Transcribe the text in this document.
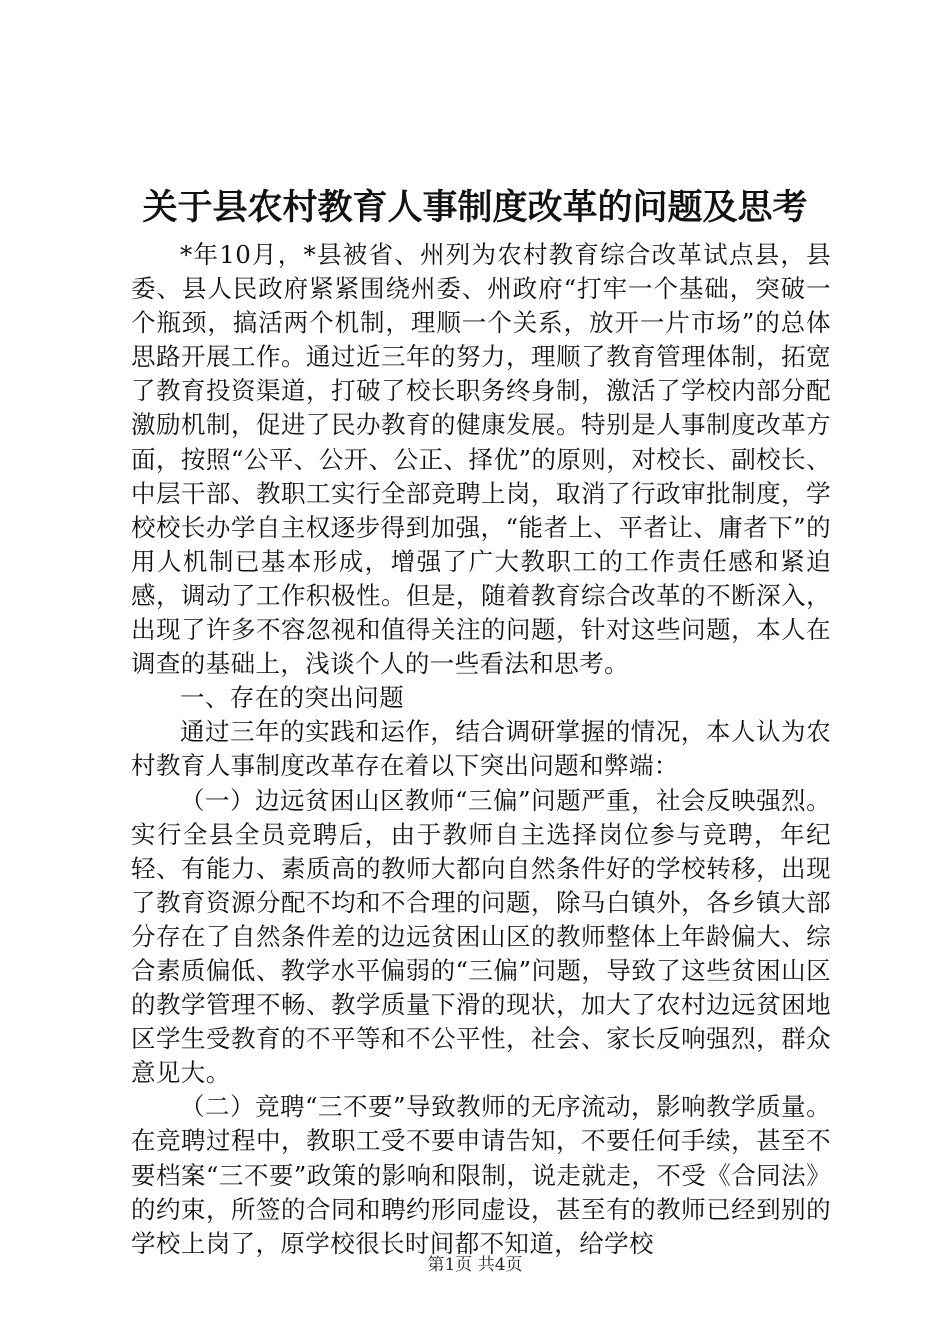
关于县农村教育人事制度改革的问题及思考

*年10月，*县被省、州列为农村教育综合改革试点县，县委、县人民政府紧紧围绕州委、州政府“打牢一个基础，突破一个瓶颈，搞活两个机制，理顺一个关系，放开一片市场”的总体思路开展工作。通过近三年的努力，理顺了教育管理体制，拓宽了教育投资渠道，打破了校长职务终身制，激活了学校内部分配激励机制，促进了民办教育的健康发展。特别是人事制度改革方面，按照“公平、公开、公正、择优”的原则，对校长、副校长、中层干部、教职工实行全部竞聘上岗，取消了行政审批制度，学校校长办学自主权逐步得到加强，“能者上、平者让、庸者下”的用人机制已基本形成，增强了广大教职工的工作责任感和紧迫感，调动了工作积极性。但是，随着教育综合改革的不断深入，出现了许多不容忽视和值得关注的问题，针对这些问题，本人在调查的基础上，浅谈个人的一些看法和思考。

一、存在的突出问题

通过三年的实践和运作，结合调研掌握的情况，本人认为农村教育人事制度改革存在着以下突出问题和弊端：

（一）边远贫困山区教师“三偏”问题严重，社会反映强烈。实行全县全员竞聘后，由于教师自主选择岗位参与竞聘，年纪轻、有能力、素质高的教师大都向自然条件好的学校转移，出现了教育资源分配不均和不合理的问题，除马白镇外，各乡镇大部分存在了自然条件差的边远贫困山区的教师整体上年龄偏大、综合素质偏低、教学水平偏弱的“三偏”问题，导致了这些贫困山区的教学管理不畅、教学质量下滑的现状，加大了农村边远贫困地区学生受教育的不平等和不公平性，社会、家长反响强烈，群众意见大。

（二）竞聘“三不要”导致教师的无序流动，影响教学质量。在竞聘过程中，教职工受不要申请告知，不要任何手续，甚至不要档案“三不要”政策的影响和限制，说走就走，不受《合同法》的约束，所签的合同和聘约形同虚设，甚至有的教师已经到别的学校上岗了，原学校很长时间都不知道，给学校

第1页 共4页
